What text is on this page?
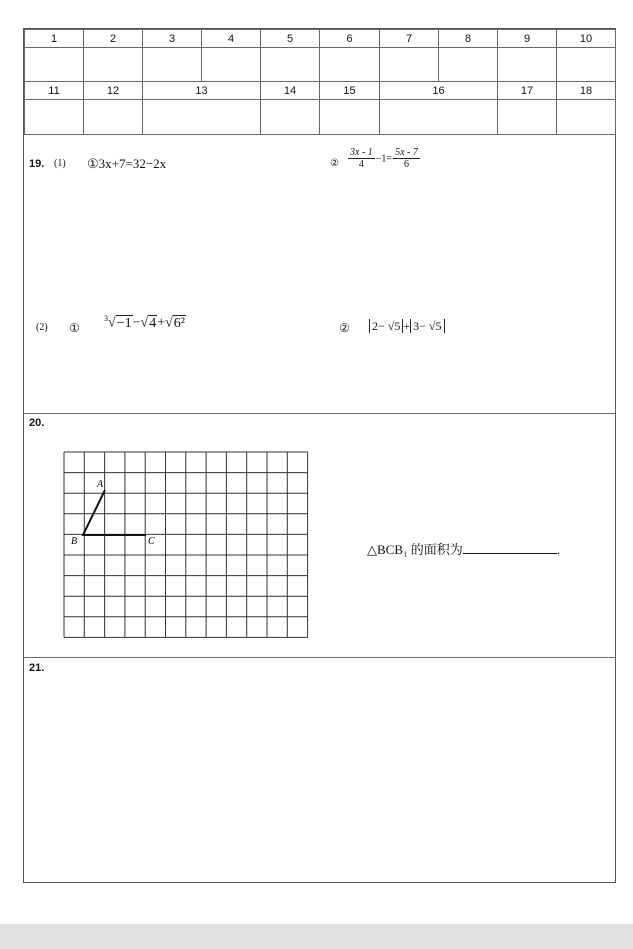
1	2	3	4	5	6	7	8	9	10

11	12	13		14	15	16		17	18

19. (1) ①3x+7=32−2x	② $\frac{3x - 1}{4} -1= \frac{5x - 7}{6}$
(2) ①
$^3$√−1−√4+√6²	② 2− √5 + 3− √5
20.
A
B	C
△BCB₁ 的面积为	.
21.
